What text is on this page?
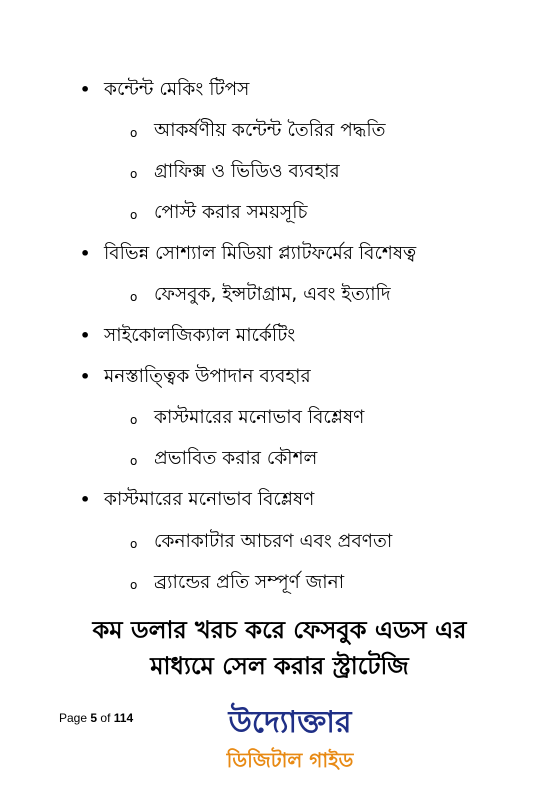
• কন্টেন্ট মেকিং টিপস
o আকর্ষণীয় কন্টেন্ট তৈরির পদ্ধতি
o গ্রাফিক্স ও ভিডিও ব্যবহার
o পোস্ট করার সময়সূচি
• বিভিন্ন সোশ্যাল মিডিয়া প্ল্যাটফর্মের বিশেষত্ব
o ফেসবুক, ইন্সটাগ্রাম, এবং ইত্যাদি
• সাইকোলজিক্যাল মার্কেটিং
• মনস্তাত্ত্বিক উপাদান ব্যবহার
o কাস্টমারের মনোভাব বিশ্লেষণ
o প্রভাবিত করার কৌশল
• কাস্টমারের মনোভাব বিশ্লেষণ
o কেনাকাটার আচরণ এবং প্রবণতা
o ব্র্যান্ডের প্রতি সম্পূর্ণ জানা
কম ডলার খরচ করে ফেসবুক এডস এর
মাধ্যমে সেল করার স্ট্রাটেজি
Page 5 of 114	উদ্যোক্তার
ডিজিটাল গাইড
